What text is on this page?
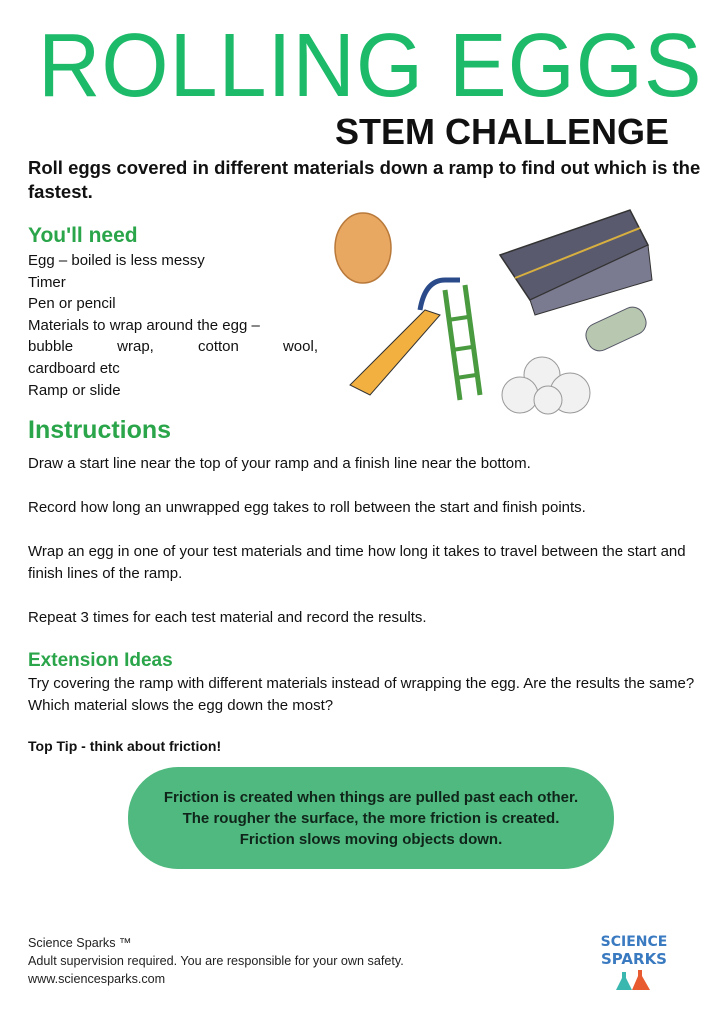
ROLLING EGGS
STEM CHALLENGE
Roll eggs covered in different materials down a ramp to find out which is the fastest.
You'll need
Egg – boiled is less messy
Timer
Pen or pencil
Materials to wrap around the egg –
bubble wrap, cotton wool,
cardboard etc
Ramp or slide
Instructions

Draw a start line near the top of your ramp and a finish line near the bottom.

Record how long an unwrapped egg takes to roll between the start and finish points.

Wrap an egg in one of your test materials and time how long it takes to travel between the start and finish lines of the ramp.

Repeat 3 times for each test material and record the results.

Extension Ideas
Try covering the ramp with different materials instead of wrapping the egg. Are the results the same? Which material slows the egg down the most?
Top Tip - think about friction!
Friction is created when things are pulled past each other. The rougher the surface, the more friction is created. Friction slows moving objects down.
Science Sparks ™
Adult supervision required. You are responsible for your own safety.
www.sciencesparks.com
SCIENCE
SPARKS
